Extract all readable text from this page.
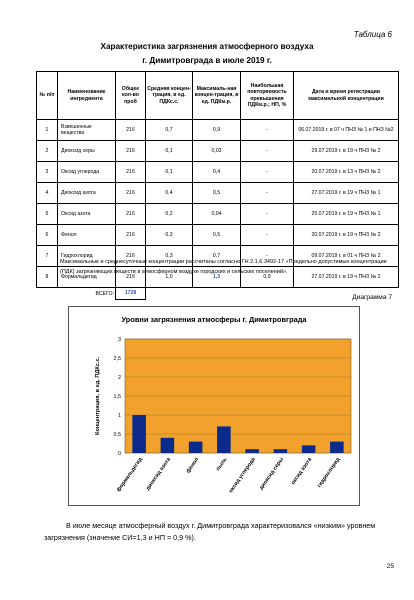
Таблица 6
Характеристика загрязнения атмосферного воздуха
г. Димитровграда в июле 2019 г.
№ п/п	Наименование ингредиента	Общее кол-во проб	Средняя концен-трация, в ед. ПДКс.с.	Максималь-ная концен-трация, в ед. ПДКм.р.	Наибольшая повторяемость превышения ПДКм.р.; НП, %	Дата и время регистрации максимальной концентрации
1	Взвешенные вещества	216	0,7	0,9	-	06.07.2019 г. в 07 ч ПНЗ № 1 и ПНЗ №2
2	Диоксид серы	216	0,1	0,03	-	29.07.2019 г. в 19 ч ПНЗ № 2
3	Оксид углерода	216	0,1	0,4	-	20.07.2019 г. в 13 ч ПНЗ № 2
4	Диоксид азота	216	0,4	0,5	-	27.07.2019 г. в 19 ч ПНЗ № 1
5	Оксид азота	216	0,2	0,04	-	25.07.2019 г. в 19 ч ПНЗ № 1
6	Фенол	216	0,3	0,5	-	20.07.2019 г. в 19 ч ПНЗ № 2
7	Гидрохлорид	216	0,3	0,7	-	09.07.2019 г. в 01 ч ПНЗ № 2
8	Формальдегид	216	1,0	1,3	0,9	27.07.2019 г. в 19 ч ПНЗ № 2
	ВСЕГО:	1728				
Максимальные и среднесуточные концентрации рассчитаны согласно ГН 2.1.6.3492-17 «Предельно допустимые концентрации (ПДК) загрязняющих веществ в атмосферном воздухе городских и сельских поселений».
Диаграмма 7
Уровни загрязнения атмосферы г. Димитровграда
0
0,5
1
1,5
2
2,5
3
формальдегид диоксид азота фенол	пыль оксид углерода диоксид серы оксид азота гидрохлорид
Концентрация, в ед. ПДКс.с.
В июле месяце атмосферный воздух г. Димитровграда характеризовался «низким» уровнем загрязнения (значение СИ=1,3 и НП = 0,9 %).
25
